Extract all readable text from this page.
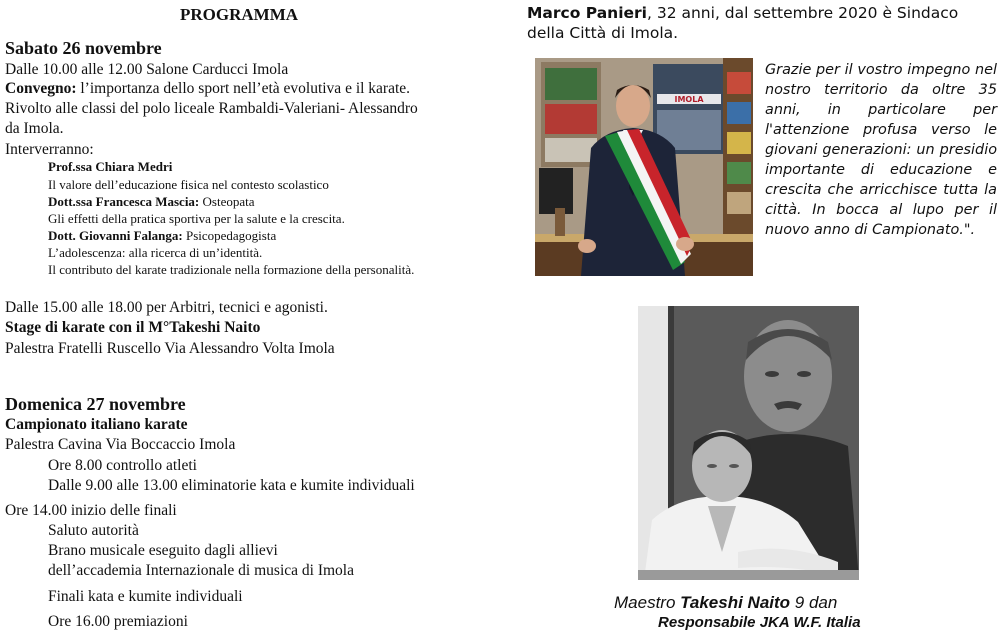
PROGRAMMA
Sabato 26 novembre
Dalle 10.00 alle 12.00 Salone Carducci Imola
Convegno: l’importanza dello sport nell’età evolutiva e il karate.
Rivolto alle classi del polo liceale Rambaldi-Valeriani- Alessandro
da Imola.
Interverranno:
Prof.ssa Chiara Medri
Il valore dell’educazione fisica nel contesto scolastico
Dott.ssa Francesca Mascia: Osteopata
Gli effetti della pratica sportiva per la salute e la crescita.
Dott. Giovanni Falanga: Psicopedagogista
L’adolescenza: alla ricerca di un’identità.
Il contributo del karate tradizionale nella formazione della personalità.
Dalle 15.00 alle 18.00 per Arbitri, tecnici e agonisti.
Stage di karate con il M°Takeshi Naito
Palestra Fratelli Ruscello Via Alessandro Volta Imola
Domenica 27 novembre
Campionato italiano karate
Palestra Cavina Via Boccaccio Imola
Ore 8.00 controllo atleti
Dalle 9.00 alle 13.00 eliminatorie kata e kumite individuali
Ore 14.00 inizio delle finali
Saluto autorità
Brano musicale eseguito dagli allievi
dell’accademia Internazionale di musica di Imola
Finali kata e kumite individuali
Ore 16.00 premiazioni
Marco Panieri, 32 anni, dal settembre 2020 è Sindaco
della Città di Imola.
IMOLA
Grazie per il vostro impegno nel nostro territorio da oltre 35 anni, in particolare per l'attenzione profusa verso le giovani generazioni: un presidio importante di educazione e crescita che arricchisce tutta la città. In bocca al lupo per il nuovo anno di Campionato.".
Maestro Takeshi Naito 9 dan
Responsabile JKA W.F. Italia
